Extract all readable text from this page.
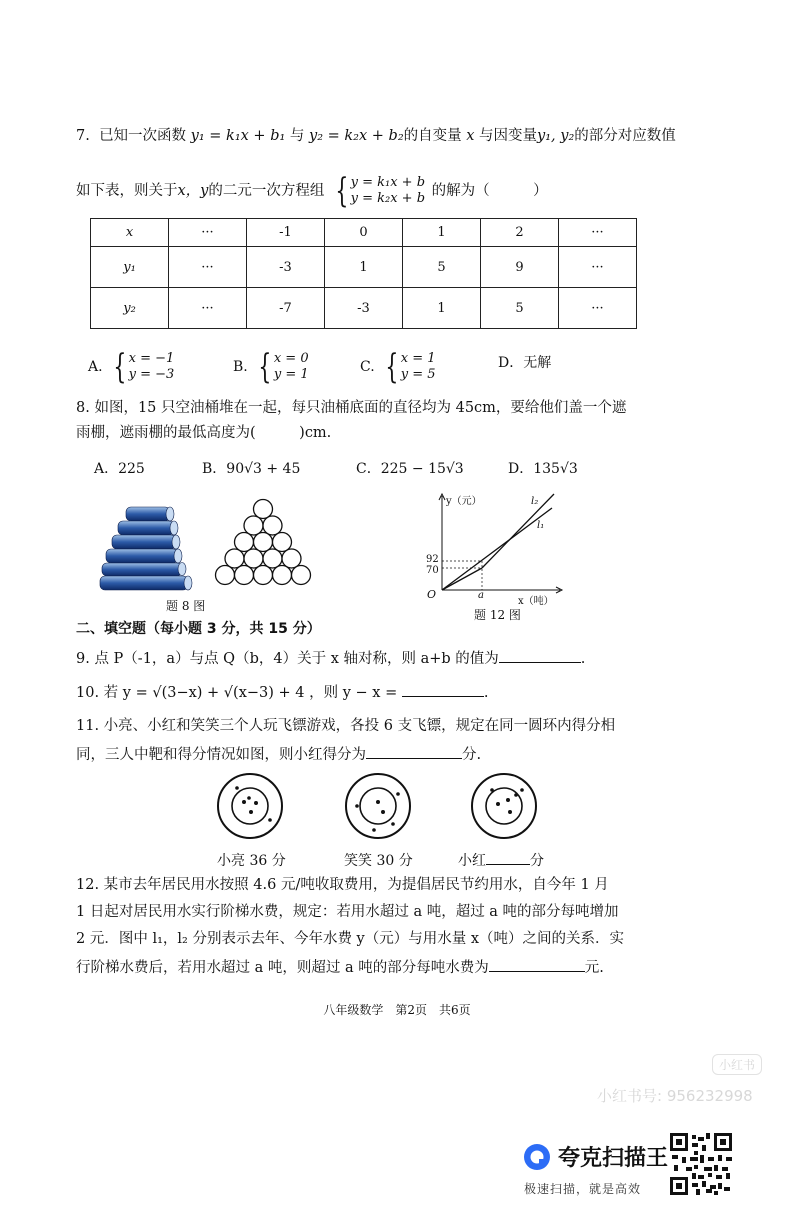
7. 已知一次函数 y₁ = k₁x + b₁ 与 y₂ = k₂x + b₂的自变量 x 与因变量y₁, y₂的部分对应数值
如下表，则关于x，y的二元一次方程组 { y = k₁x + b
y = k₂x + b 的解为（　　　）
x	···	-1	0	1	2	···
y₁	···	-3	1	5	9	···
y₂	···	-7	-3	1	5	···
A. { x = −1
y = −3	B. { x = 0
y = 1	C. { x = 1
y = 5
D．无解
8. 如图，15 只空油桶堆在一起，每只油桶底面的直径均为 45cm，要给他们盖一个遮
雨棚，遮雨棚的最低高度为(　　　)cm.
A．225	B．90√3 + 45	C．225 − 15√3	D．135√3
题 8 图
y（元）	l₂
l₁
92
70
O	a
x（吨）
题 12 图
二、填空题（每小题 3 分，共 15 分）
9. 点 P（-1，a）与点 Q（b，4）关于 x 轴对称，则 a+b 的值为	.
10. 若 y = √(3−x) + √(x−3) + 4 ，则 y − x =	.
11. 小亮、小红和笑笑三个人玩飞镖游戏，各投 6 支飞镖，规定在同一圆环内得分相
同，三人中靶和得分情况如图，则小红得分为	分.
小亮 36 分	笑笑 30 分	小红	分
12. 某市去年居民用水按照 4.6 元/吨收取费用，为提倡居民节约用水，自今年 1 月
1 日起对居民用水实行阶梯水费，规定：若用水超过 a 吨，超过 a 吨的部分每吨增加
2 元．图中 l₁，l₂ 分别表示去年、今年水费 y（元）与用水量 x（吨）之间的关系．实
行阶梯水费后，若用水超过 a 吨，则超过 a 吨的部分每吨水费为	元.
八年级数学　第2页　共6页
小红书
小红书号: 956232998
夸克扫描王
极速扫描，就是高效
